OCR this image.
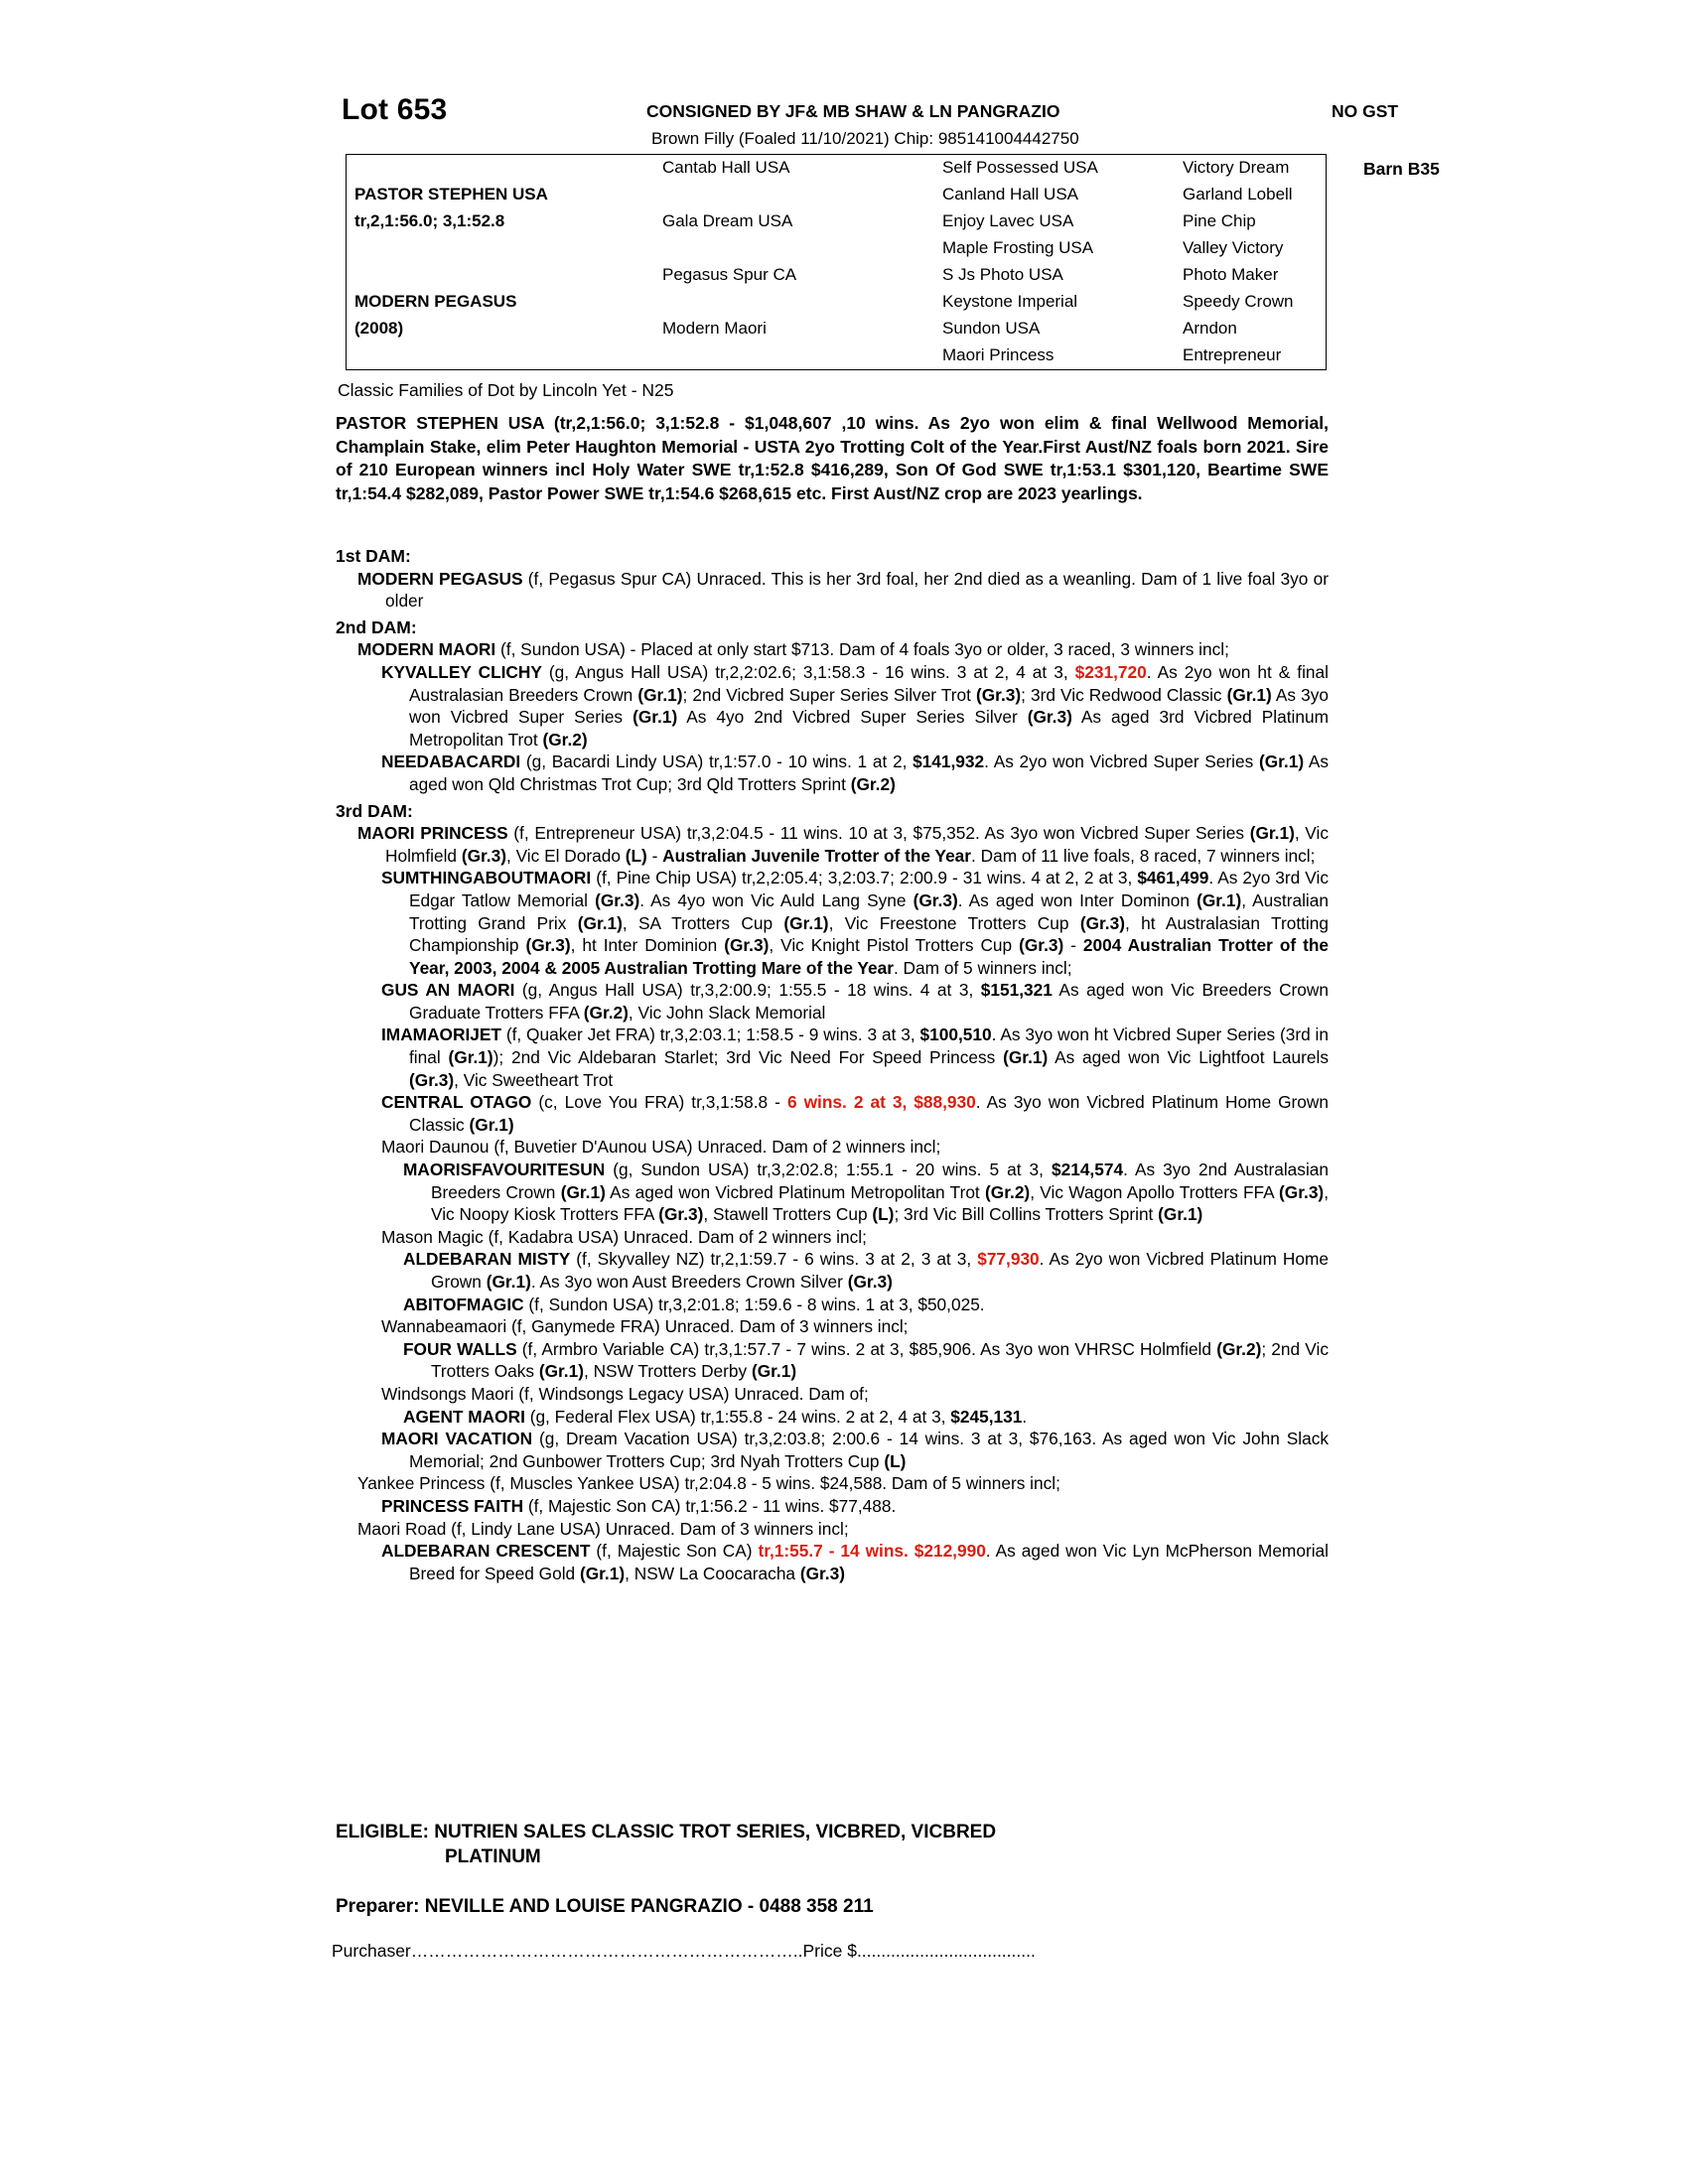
Lot 653	CONSIGNED BY JF& MB SHAW & LN PANGRAZIO	NO GST
Brown Filly (Foaled 11/10/2021) Chip: 985141004442750
Barn B35
	Cantab Hall USA	Self Possessed USA	Victory Dream
PASTOR STEPHEN USA		Canland Hall USA	Garland Lobell
tr,2,1:56.0; 3,1:52.8	Gala Dream USA	Enjoy Lavec USA	Pine Chip
		Maple Frosting USA	Valley Victory
	Pegasus Spur CA	S Js Photo USA	Photo Maker
MODERN PEGASUS		Keystone Imperial	Speedy Crown
(2008)	Modern Maori	Sundon USA	Arndon
		Maori Princess	Entrepreneur
Classic Families of Dot by Lincoln Yet - N25
PASTOR STEPHEN USA (tr,2,1:56.0; 3,1:52.8 - $1,048,607 ,10 wins. As 2yo won elim & final Wellwood Memorial, Champlain Stake, elim Peter Haughton Memorial - USTA 2yo Trotting Colt of the Year.First Aust/NZ foals born 2021. Sire of 210 European winners incl Holy Water SWE tr,1:52.8 $416,289, Son Of God SWE tr,1:53.1 $301,120, Beartime SWE tr,1:54.4 $282,089, Pastor Power SWE tr,1:54.6 $268,615 etc. First Aust/NZ crop are 2023 yearlings.
1st DAM:
MODERN PEGASUS (f, Pegasus Spur CA) Unraced. This is her 3rd foal, her 2nd died as a weanling. Dam of 1 live foal 3yo or older
2nd DAM:
MODERN MAORI (f, Sundon USA) - Placed at only start $713. Dam of 4 foals 3yo or older, 3 raced, 3 winners incl;
KYVALLEY CLICHY (g, Angus Hall USA) tr,2,2:02.6; 3,1:58.3 - 16 wins. 3 at 2, 4 at 3, $231,720. As 2yo won ht & final Australasian Breeders Crown (Gr.1); 2nd Vicbred Super Series Silver Trot (Gr.3); 3rd Vic Redwood Classic (Gr.1) As 3yo won Vicbred Super Series (Gr.1) As 4yo 2nd Vicbred Super Series Silver (Gr.3) As aged 3rd Vicbred Platinum Metropolitan Trot (Gr.2)
NEEDABACARDI (g, Bacardi Lindy USA) tr,1:57.0 - 10 wins. 1 at 2, $141,932. As 2yo won Vicbred Super Series (Gr.1) As aged won Qld Christmas Trot Cup; 3rd Qld Trotters Sprint (Gr.2)
3rd DAM:
MAORI PRINCESS (f, Entrepreneur USA) tr,3,2:04.5 - 11 wins. 10 at 3, $75,352. As 3yo won Vicbred Super Series (Gr.1), Vic Holmfield (Gr.3), Vic El Dorado (L) - Australian Juvenile Trotter of the Year. Dam of 11 live foals, 8 raced, 7 winners incl;
SUMTHINGABOUTMAORI (f, Pine Chip USA) tr,2,2:05.4; 3,2:03.7; 2:00.9 - 31 wins. 4 at 2, 2 at 3, $461,499. As 2yo 3rd Vic Edgar Tatlow Memorial (Gr.3). As 4yo won Vic Auld Lang Syne (Gr.3). As aged won Inter Dominon (Gr.1), Australian Trotting Grand Prix (Gr.1), SA Trotters Cup (Gr.1), Vic Freestone Trotters Cup (Gr.3), ht Australasian Trotting Championship (Gr.3), ht Inter Dominion (Gr.3), Vic Knight Pistol Trotters Cup (Gr.3) - 2004 Australian Trotter of the Year, 2003, 2004 & 2005 Australian Trotting Mare of the Year. Dam of 5 winners incl;
GUS AN MAORI (g, Angus Hall USA) tr,3,2:00.9; 1:55.5 - 18 wins. 4 at 3, $151,321 As aged won Vic Breeders Crown Graduate Trotters FFA (Gr.2), Vic John Slack Memorial
IMAMAORIJET (f, Quaker Jet FRA) tr,3,2:03.1; 1:58.5 - 9 wins. 3 at 3, $100,510. As 3yo won ht Vicbred Super Series (3rd in final (Gr.1)); 2nd Vic Aldebaran Starlet; 3rd Vic Need For Speed Princess (Gr.1) As aged won Vic Lightfoot Laurels (Gr.3), Vic Sweetheart Trot
CENTRAL OTAGO (c, Love You FRA) tr,3,1:58.8 - 6 wins. 2 at 3, $88,930. As 3yo won Vicbred Platinum Home Grown Classic (Gr.1)
Maori Daunou (f, Buvetier D'Aunou USA) Unraced. Dam of 2 winners incl;
MAORISFAVOURITESUN (g, Sundon USA) tr,3,2:02.8; 1:55.1 - 20 wins. 5 at 3, $214,574. As 3yo 2nd Australasian Breeders Crown (Gr.1) As aged won Vicbred Platinum Metropolitan Trot (Gr.2), Vic Wagon Apollo Trotters FFA (Gr.3), Vic Noopy Kiosk Trotters FFA (Gr.3), Stawell Trotters Cup (L); 3rd Vic Bill Collins Trotters Sprint (Gr.1)
Mason Magic (f, Kadabra USA) Unraced. Dam of 2 winners incl;
ALDEBARAN MISTY (f, Skyvalley NZ) tr,2,1:59.7 - 6 wins. 3 at 2, 3 at 3, $77,930. As 2yo won Vicbred Platinum Home Grown (Gr.1). As 3yo won Aust Breeders Crown Silver (Gr.3)
ABITOFMAGIC (f, Sundon USA) tr,3,2:01.8; 1:59.6 - 8 wins. 1 at 3, $50,025.
Wannabeamaori (f, Ganymede FRA) Unraced. Dam of 3 winners incl;
FOUR WALLS (f, Armbro Variable CA) tr,3,1:57.7 - 7 wins. 2 at 3, $85,906. As 3yo won VHRSC Holmfield (Gr.2); 2nd Vic Trotters Oaks (Gr.1), NSW Trotters Derby (Gr.1)
Windsongs Maori (f, Windsongs Legacy USA) Unraced. Dam of;
AGENT MAORI (g, Federal Flex USA) tr,1:55.8 - 24 wins. 2 at 2, 4 at 3, $245,131.
MAORI VACATION (g, Dream Vacation USA) tr,3,2:03.8; 2:00.6 - 14 wins. 3 at 3, $76,163. As aged won Vic John Slack Memorial; 2nd Gunbower Trotters Cup; 3rd Nyah Trotters Cup (L)
Yankee Princess (f, Muscles Yankee USA) tr,2:04.8 - 5 wins. $24,588. Dam of 5 winners incl;
PRINCESS FAITH (f, Majestic Son CA) tr,1:56.2 - 11 wins. $77,488.
Maori Road (f, Lindy Lane USA) Unraced. Dam of 3 winners incl;
ALDEBARAN CRESCENT (f, Majestic Son CA) tr,1:55.7 - 14 wins. $212,990. As aged won Vic Lyn McPherson Memorial Breed for Speed Gold (Gr.1), NSW La Coocaracha (Gr.3)
ELIGIBLE: NUTRIEN SALES CLASSIC TROT SERIES, VICBRED, VICBRED
PLATINUM
Preparer: NEVILLE AND LOUISE PANGRAZIO - 0488 358 211
Purchaser…………………………………………………………..Price $.....................................
